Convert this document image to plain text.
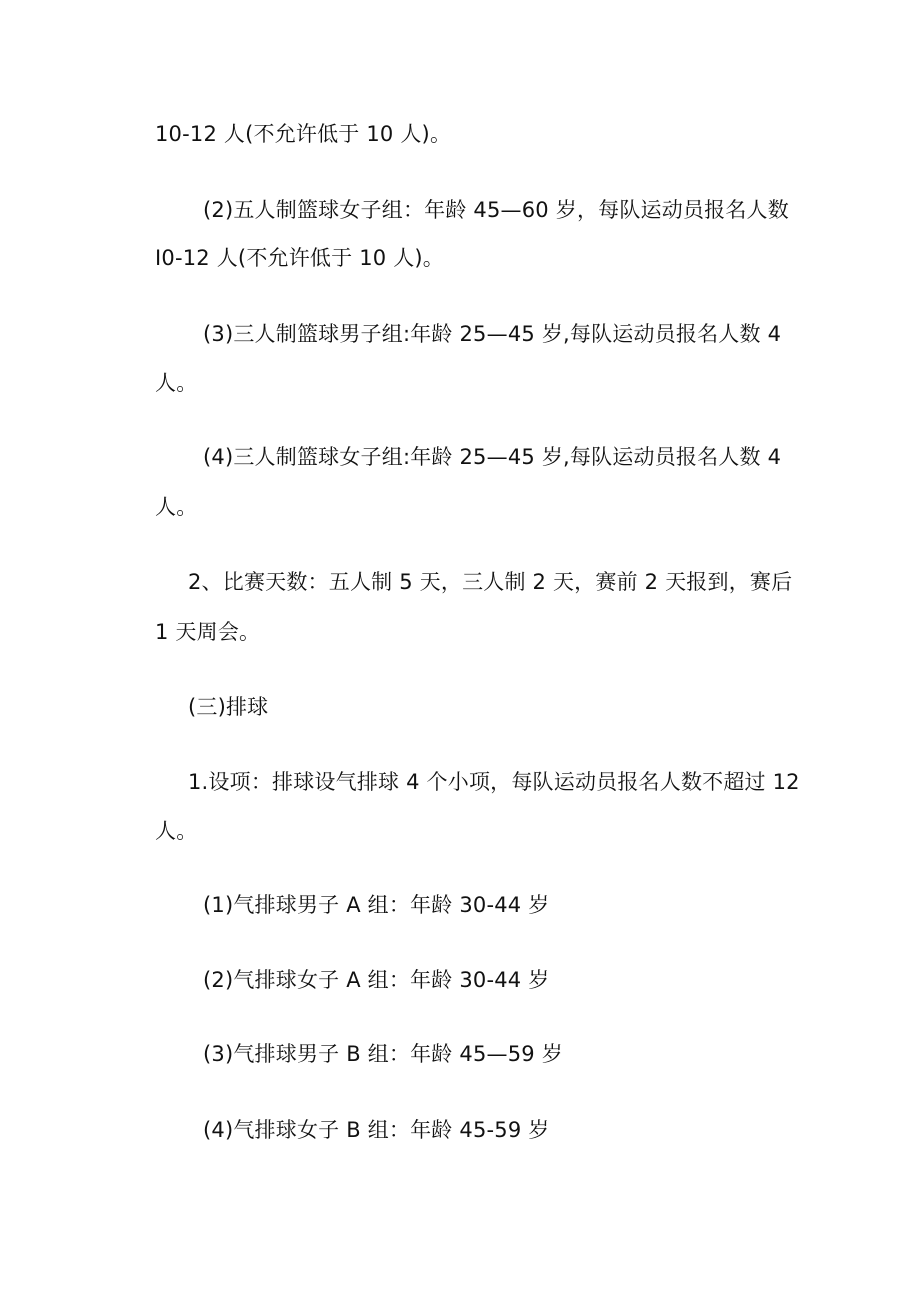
10-12 人(不允许低于 10 人)。
(2)五人制篮球女子组：年龄 45—60 岁，每队运动员报名人数
I0-12 人(不允许低于 10 人)。
(3)三人制篮球男子组:年龄 25—45 岁,每队运动员报名人数 4
人。
(4)三人制篮球女子组:年龄 25—45 岁,每队运动员报名人数 4
人。
2、比赛天数：五人制 5 天，三人制 2 天，赛前 2 天报到，赛后
1 天周会。
(三)排球
1.设项：排球设气排球 4 个小项，每队运动员报名人数不超过 12
人。
(1)气排球男子 A 组：年龄 30-44 岁
(2)气排球女子 A 组：年龄 30-44 岁
(3)气排球男子 B 组：年龄 45—59 岁
(4)气排球女子 B 组：年龄 45-59 岁
